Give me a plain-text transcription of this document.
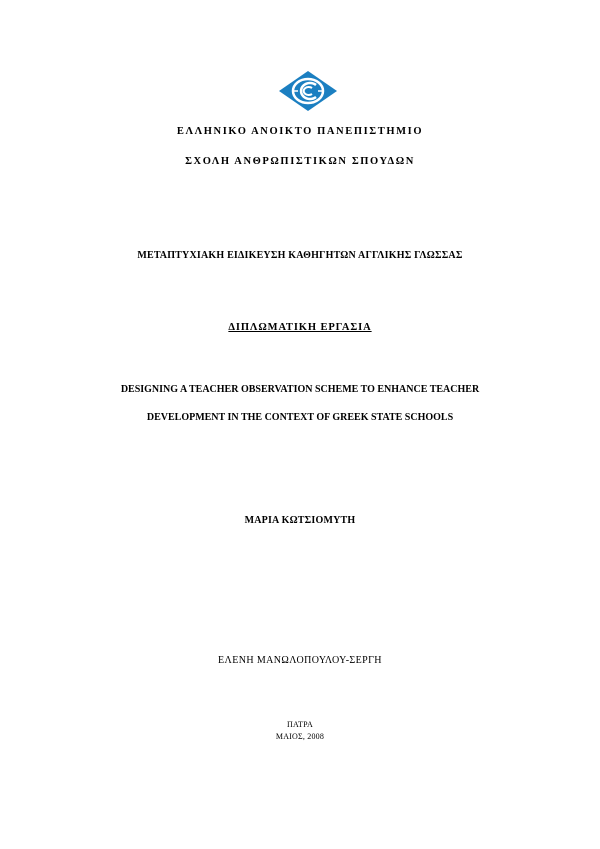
ΕΛΛΗΝΙΚΟ ΑΝΟΙΚΤΟ ΠΑΝΕΠΙΣΤΗΜΙΟ
ΣΧΟΛΗ ΑΝΘΡΩΠΙΣΤΙΚΩΝ ΣΠΟΥΔΩΝ
ΜΕΤΑΠΤΥΧΙΑΚΗ ΕΙΔΙΚΕΥΣΗ ΚΑΘΗΓΗΤΩΝ ΑΓΓΛΙΚΗΣ ΓΛΩΣΣΑΣ
ΔΙΠΛΩΜΑΤΙΚΗ ΕΡΓΑΣΙΑ
DESIGNING A TEACHER OBSERVATION SCHEME TO ENHANCE TEACHER
DEVELOPMENT IN THE CONTEXT OF GREEK STATE SCHOOLS
ΜΑΡΙΑ ΚΩΤΣΙΟΜΥΤΗ
ΕΛΕΝΗ ΜΑΝΩΛΟΠΟΥΛΟΥ-ΣΕΡΓΗ
ΠΑΤΡΑ
ΜΑΙΟΣ, 2008
